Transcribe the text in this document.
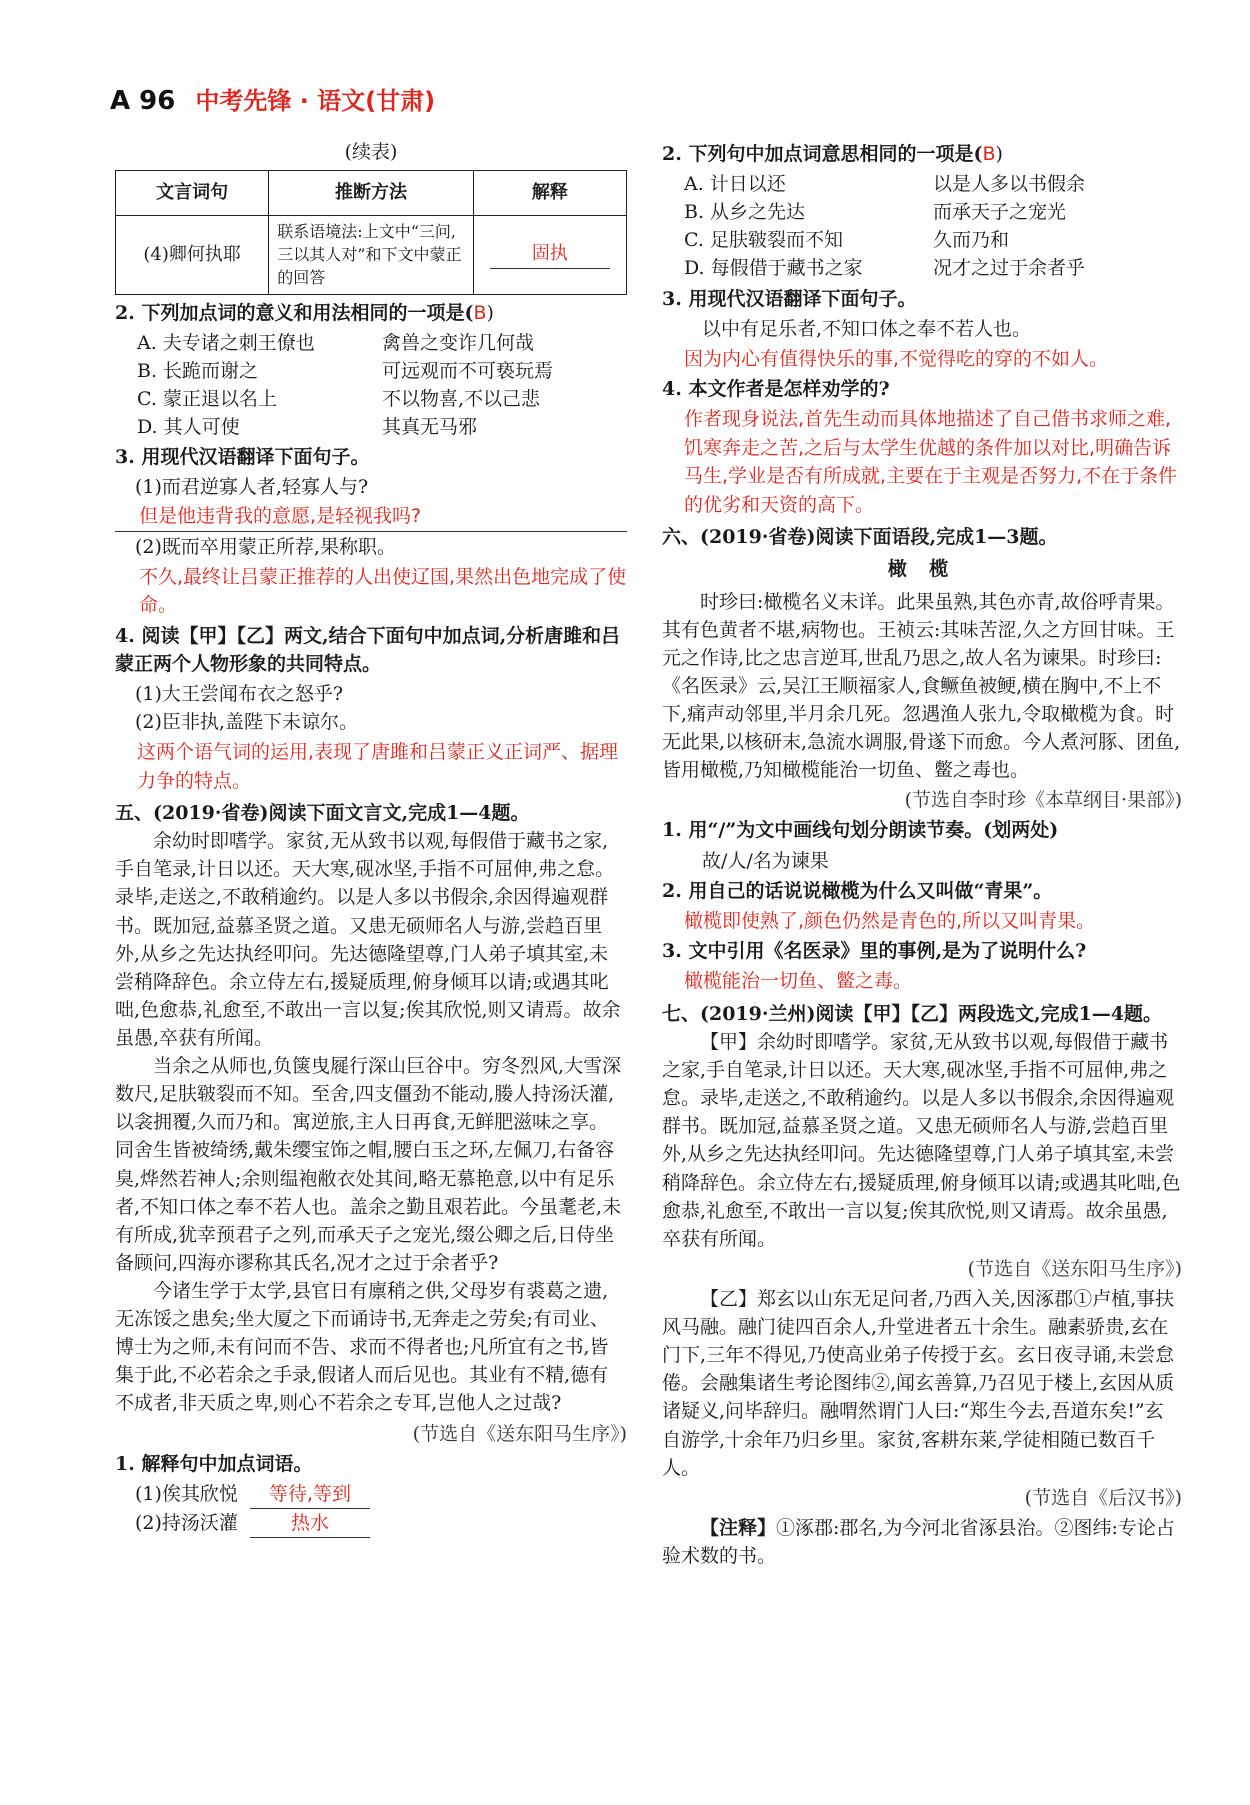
A 96 中考先锋 · 语文(甘肃)
(续表)
文言词句	推断方法	解释
(4)卿何执耶	联系语境法:上文中“三问,三以其人对”和下文中蒙正的回答	固执
2. 下列加点词的意义和用法相同的一项是(B)
A. 夫专诸之刺王僚也	禽兽之变诈几何哉
B. 长跪而谢之	可远观而不可亵玩焉
C. 蒙正退以名上	不以物喜,不以己悲
D. 其人可使	其真无马邪
3. 用现代汉语翻译下面句子。
(1)而君逆寡人者,轻寡人与?
但是他违背我的意愿,是轻视我吗?
(2)既而卒用蒙正所荐,果称职。
不久,最终让吕蒙正推荐的人出使辽国,果然出色地完成了使命。
4. 阅读【甲】【乙】两文,结合下面句中加点词,分析唐雎和吕蒙正两个人物形象的共同特点。
(1)大王尝闻布衣之怒乎?
(2)臣非执,盖陛下未谅尔。
这两个语气词的运用,表现了唐雎和吕蒙正义正词严、据理力争的特点。
五、(2019·省卷)阅读下面文言文,完成1—4题。

余幼时即嗜学。家贫,无从致书以观,每假借于藏书之家,手自笔录,计日以还。天大寒,砚冰坚,手指不可屈伸,弗之怠。录毕,走送之,不敢稍逾约。以是人多以书假余,余因得遍观群书。既加冠,益慕圣贤之道。又患无硕师名人与游,尝趋百里外,从乡之先达执经叩问。先达德隆望尊,门人弟子填其室,未尝稍降辞色。余立侍左右,援疑质理,俯身倾耳以请;或遇其叱咄,色愈恭,礼愈至,不敢出一言以复;俟其欣悦,则又请焉。故余虽愚,卒获有所闻。

当余之从师也,负箧曳屣行深山巨谷中。穷冬烈风,大雪深数尺,足肤皲裂而不知。至舍,四支僵劲不能动,媵人持汤沃灌,以衾拥覆,久而乃和。寓逆旅,主人日再食,无鲜肥滋味之享。同舍生皆被绮绣,戴朱缨宝饰之帽,腰白玉之环,左佩刀,右备容臭,烨然若神人;余则缊袍敝衣处其间,略无慕艳意,以中有足乐者,不知口体之奉不若人也。盖余之勤且艰若此。今虽耄老,未有所成,犹幸预君子之列,而承天子之宠光,缀公卿之后,日侍坐备顾问,四海亦谬称其氏名,况才之过于余者乎?

今诸生学于太学,县官日有廪稍之供,父母岁有裘葛之遗,无冻馁之患矣;坐大厦之下而诵诗书,无奔走之劳矣;有司业、博士为之师,未有问而不告、求而不得者也;凡所宜有之书,皆集于此,不必若余之手录,假诸人而后见也。其业有不精,德有不成者,非天质之卑,则心不若余之专耳,岂他人之过哉?

(节选自《送东阳马生序》)
1. 解释句中加点词语。
(1)俟其欣悦 等待,等到
(2)持汤沃灌	热水
2. 下列句中加点词意思相同的一项是(B)
A. 计日以还	以是人多以书假余
B. 从乡之先达	而承天子之宠光
C. 足肤皲裂而不知	久而乃和
D. 每假借于藏书之家	况才之过于余者乎
3. 用现代汉语翻译下面句子。
以中有足乐者,不知口体之奉不若人也。
因为内心有值得快乐的事,不觉得吃的穿的不如人。
4. 本文作者是怎样劝学的?
作者现身说法,首先生动而具体地描述了自己借书求师之难,饥寒奔走之苦,之后与太学生优越的条件加以对比,明确告诉马生,学业是否有所成就,主要在于主观是否努力,不在于条件的优劣和天资的高下。
六、(2019·省卷)阅读下面语段,完成1—3题。
橄 榄

时珍曰:橄榄名义未详。此果虽熟,其色亦青,故俗呼青果。其有色黄者不堪,病物也。王祯云:其味苦涩,久之方回甘味。王元之作诗,比之忠言逆耳,世乱乃思之,故人名为谏果。时珍曰:《名医录》云,吴江王顺福家人,食鳜鱼被鲠,横在胸中,不上不下,痛声动邻里,半月余几死。忽遇渔人张九,令取橄榄为食。时无此果,以核研末,急流水调服,骨遂下而愈。今人煮河豚、团鱼,皆用橄榄,乃知橄榄能治一切鱼、鳖之毒也。

(节选自李时珍《本草纲目·果部》)
1. 用“/”为文中画线句划分朗读节奏。(划两处)
故/人/名为谏果
2. 用自己的话说说橄榄为什么又叫做“青果”。
橄榄即使熟了,颜色仍然是青色的,所以又叫青果。
3. 文中引用《名医录》里的事例,是为了说明什么?
橄榄能治一切鱼、鳖之毒。
七、(2019·兰州)阅读【甲】【乙】两段选文,完成1—4题。

【甲】余幼时即嗜学。家贫,无从致书以观,每假借于藏书之家,手自笔录,计日以还。天大寒,砚冰坚,手指不可屈伸,弗之怠。录毕,走送之,不敢稍逾约。以是人多以书假余,余因得遍观群书。既加冠,益慕圣贤之道。又患无硕师名人与游,尝趋百里外,从乡之先达执经叩问。先达德隆望尊,门人弟子填其室,未尝稍降辞色。余立侍左右,援疑质理,俯身倾耳以请;或遇其叱咄,色愈恭,礼愈至,不敢出一言以复;俟其欣悦,则又请焉。故余虽愚,卒获有所闻。

(节选自《送东阳马生序》)

【乙】郑玄以山东无足问者,乃西入关,因涿郡①卢植,事扶风马融。融门徒四百余人,升堂进者五十余生。融素骄贵,玄在门下,三年不得见,乃使高业弟子传授于玄。玄日夜寻诵,未尝怠倦。会融集诸生考论图纬②,闻玄善算,乃召见于楼上,玄因从质诸疑义,问毕辞归。融喟然谓门人曰:“郑生今去,吾道东矣!”玄自游学,十余年乃归乡里。家贫,客耕东莱,学徒相随已数百千人。

(节选自《后汉书》)

【注释】①涿郡:郡名,为今河北省涿县治。②图纬:专论占验术数的书。
